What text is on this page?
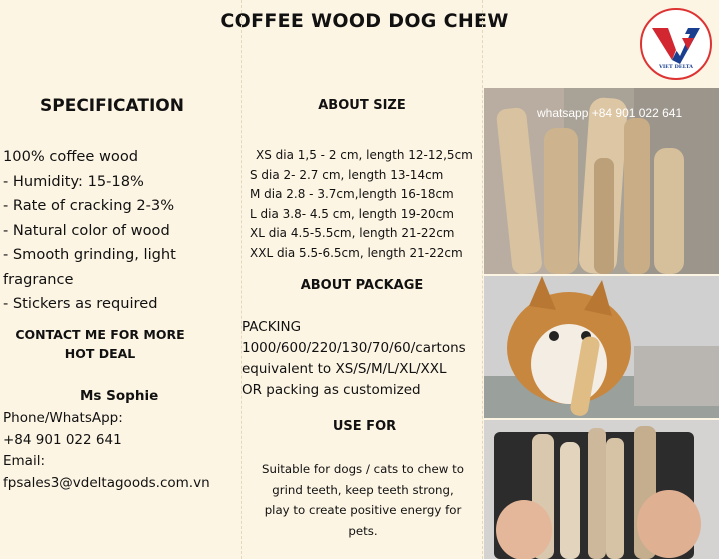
COFFEE WOOD DOG CHEW
VIET DELTA
SPECIFICATION
100% coffee wood
- Humidity: 15-18%
- Rate of cracking 2-3%
- Natural color of wood
- Smooth grinding, light
fragrance
- Stickers as required
CONTACT ME FOR MORE
HOT DEAL
Ms Sophie
Phone/WhatsApp:
+84 901 022 641
Email:
fpsales3@vdeltagoods.com.vn
ABOUT SIZE
XS dia 1,5 - 2 cm, length 12-12,5cm
S dia 2- 2.7 cm, length 13-14cm
M dia 2.8 - 3.7cm,length 16-18cm
L dia 3.8- 4.5 cm, length 19-20cm
XL dia 4.5-5.5cm, length 21-22cm
XXL dia 5.5-6.5cm, length 21-22cm
ABOUT PACKAGE
PACKING
1000/600/220/130/70/60/cartons
equivalent to XS/S/M/L/XL/XXL
OR packing as customized
USE FOR
Suitable for dogs / cats to chew to
grind teeth, keep teeth strong,
play to create positive energy for
pets.
whatsapp +84 901 022 641
